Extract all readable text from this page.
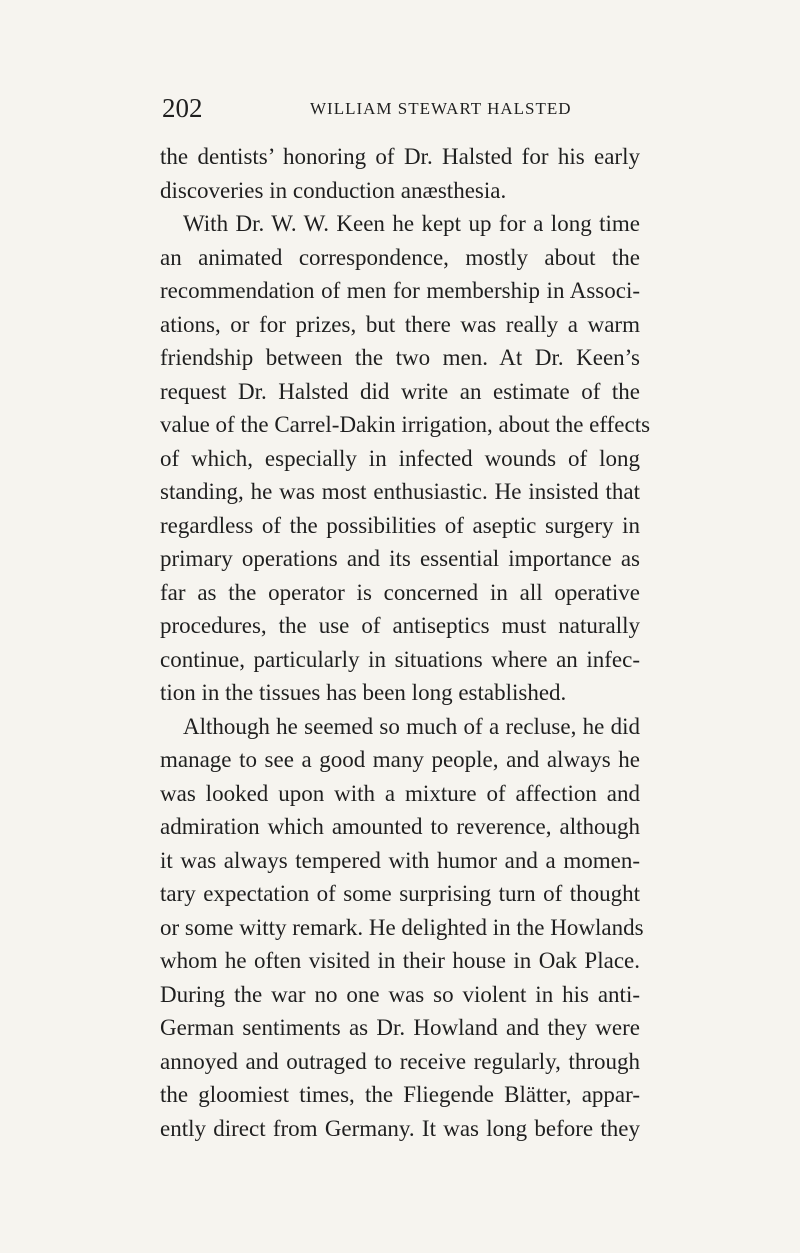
202	WILLIAM STEWART HALSTED
the dentists’ honoring of Dr. Halsted for his early
discoveries in conduction anæsthesia.
With Dr. W. W. Keen he kept up for a long time
an animated correspondence, mostly about the
recommendation of men for membership in Associ-
ations, or for prizes, but there was really a warm
friendship between the two men. At Dr. Keen’s
request Dr. Halsted did write an estimate of the
value of the Carrel-Dakin irrigation, about the effects
of which, especially in infected wounds of long
standing, he was most enthusiastic. He insisted that
regardless of the possibilities of aseptic surgery in
primary operations and its essential importance as
far as the operator is concerned in all operative
procedures, the use of antiseptics must naturally
continue, particularly in situations where an infec-
tion in the tissues has been long established.
Although he seemed so much of a recluse, he did
manage to see a good many people, and always he
was looked upon with a mixture of affection and
admiration which amounted to reverence, although
it was always tempered with humor and a momen-
tary expectation of some surprising turn of thought
or some witty remark. He delighted in the Howlands
whom he often visited in their house in Oak Place.
During the war no one was so violent in his anti-
German sentiments as Dr. Howland and they were
annoyed and outraged to receive regularly, through
the gloomiest times, the Fliegende Blätter, appar-
ently direct from Germany. It was long before they
